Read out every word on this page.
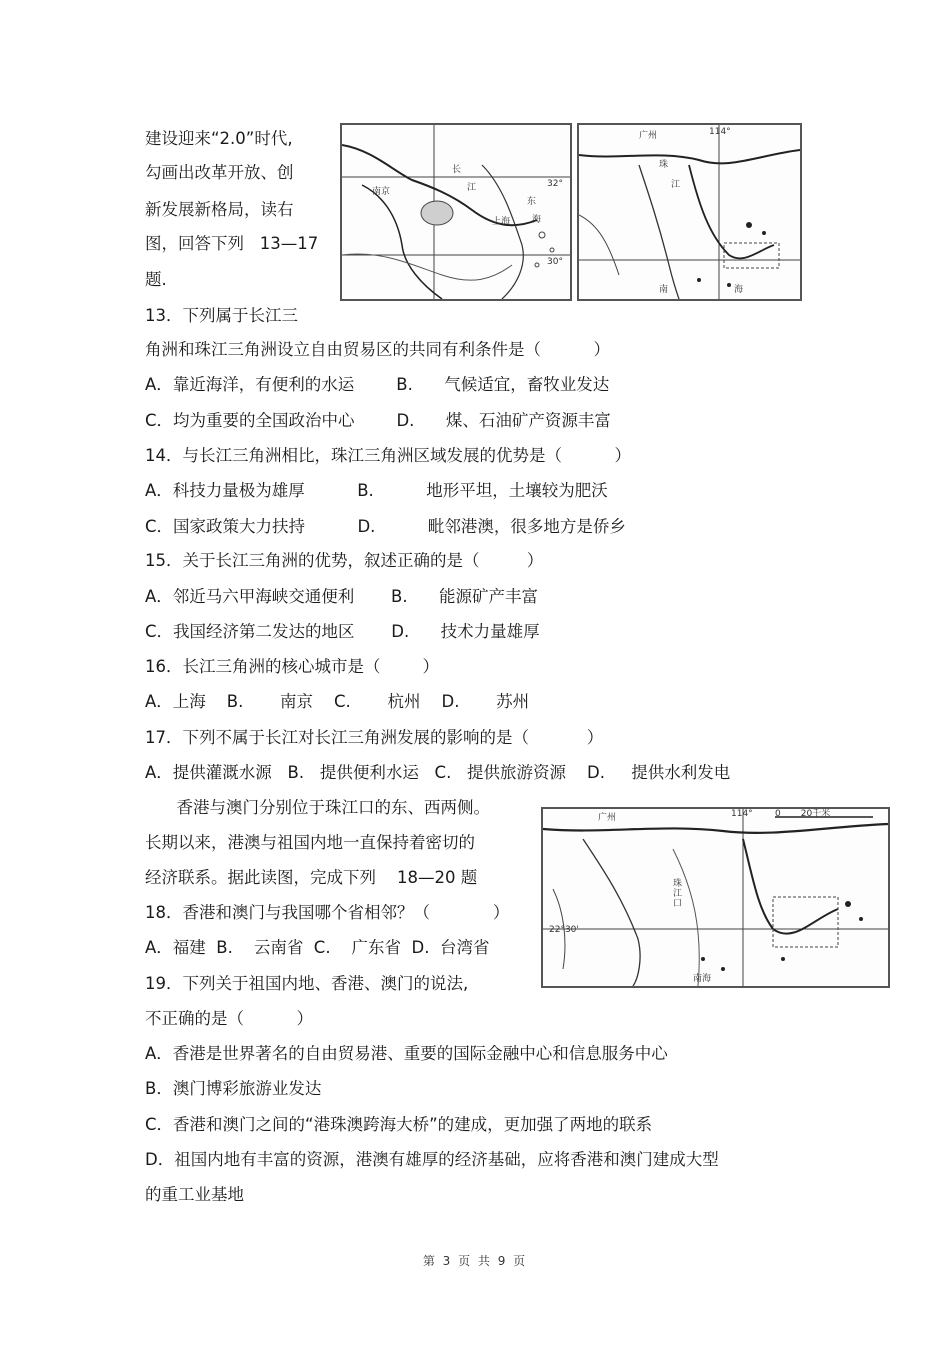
建设迎来“2.0”时代,
勾画出改革开放、创
新发展新格局，读右
图，回答下列   13—17
题.
南京
长
江
上海
东
海
32°
30°
广州	114°
珠
江
南	海
13．下列属于长江三
角洲和珠江三角洲设立自由贸易区的共同有利条件是（          ）
A．靠近海洋，有便利的水运        B.      气候适宜，畜牧业发达
C．均为重要的全国政治中心        D.      煤、石油矿产资源丰富
14．与长江三角洲相比，珠江三角洲区域发展的优势是（          ）
A．科技力量极为雄厚          B.          地形平坦，土壤较为肥沃
C．国家政策大力扶持          D.          毗邻港澳，很多地方是侨乡
15．关于长江三角洲的优势，叙述正确的是（         ）
A．邻近马六甲海峡交通便利       B.      能源矿产丰富
C．我国经济第二发达的地区       D.      技术力量雄厚
16．长江三角洲的核心城市是（        ）
A．上海    B.       南京    C.       杭州    D.       苏州
17．下列不属于长江对长江三角洲发展的影响的是（           ）
A．提供灌溉水源   B.   提供便利水运   C.   提供旅游资源    D.     提供水利发电
香港与澳门分别位于珠江口的东、西两侧。
长期以来，港澳与祖国内地一直保持着密切的
经济联系。据此读图，完成下列    18—20 题
广州	114° 0       20千米
珠
江
口
22°30'
南海
18．香港和澳门与我国哪个省相邻？（            ）
A．福建  B.    云南省  C.    广东省  D.  台湾省
19．下列关于祖国内地、香港、澳门的说法,
不正确的是（          ）
A．香港是世界著名的自由贸易港、重要的国际金融中心和信息服务中心
B．澳门博彩旅游业发达
C．香港和澳门之间的“港珠澳跨海大桥”的建成，更加强了两地的联系
D．祖国内地有丰富的资源，港澳有雄厚的经济基础，应将香港和澳门建成大型
的重工业基地
第 3 页 共 9 页
